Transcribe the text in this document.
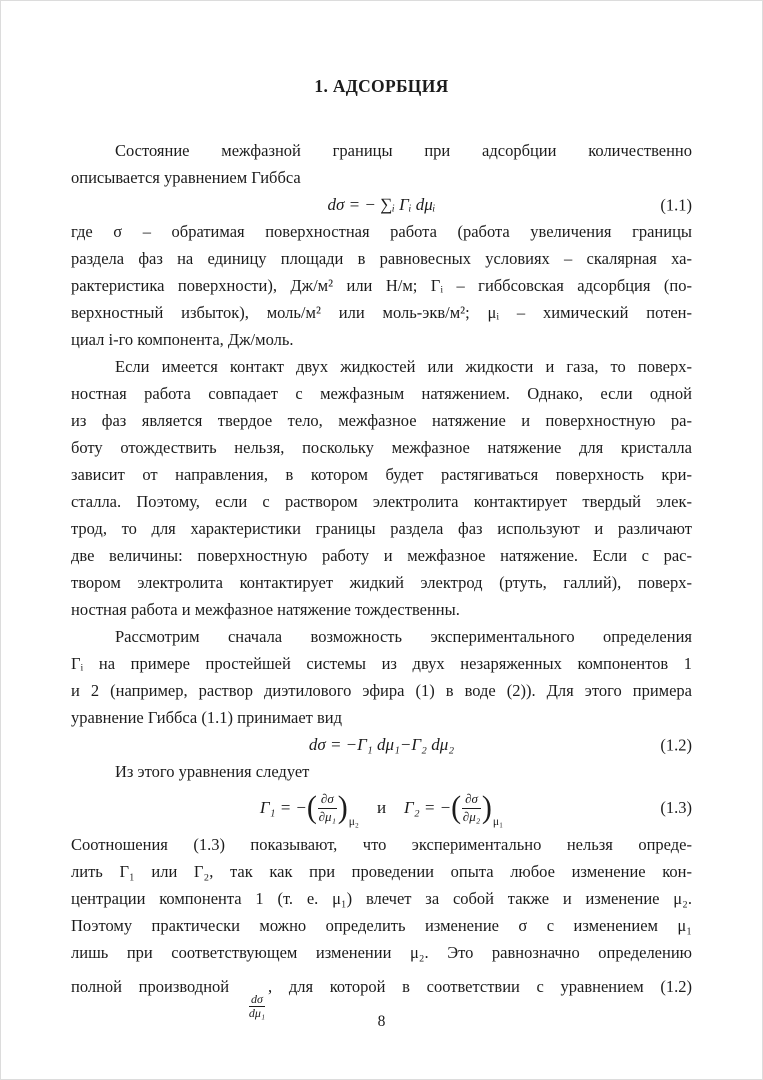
1. АДСОРБЦИЯ
Состояние межфазной границы при адсорбции количественно
описывается уравнением Гиббса
dσ = − ∑ᵢ Γᵢ dμᵢ	(1.1)
где σ – обратимая поверхностная работа (работа увеличения границы
раздела фаз на единицу площади в равновесных условиях – скалярная ха-
рактеристика поверхности), Дж/м² или Н/м; Γᵢ – гиббсовская адсорбция (по-
верхностный избыток), моль/м² или моль-экв/м²; μᵢ – химический потен-
циал i-го компонента, Дж/моль.
Если имеется контакт двух жидкостей или жидкости и газа, то поверх-
ностная работа совпадает с межфазным натяжением. Однако, если одной
из фаз является твердое тело, межфазное натяжение и поверхностную ра-
боту отождествить нельзя, поскольку межфазное натяжение для кристалла
зависит от направления, в котором будет растягиваться поверхность кри-
сталла. Поэтому, если с раствором электролита контактирует твердый элек-
трод, то для характеристики границы раздела фаз используют и различают
две величины: поверхностную работу и межфазное натяжение. Если с рас-
твором электролита контактирует жидкий электрод (ртуть, галлий), поверх-
ностная работа и межфазное натяжение тождественны.
Рассмотрим сначала возможность экспериментального определения
Γᵢ на примере простейшей системы из двух незаряженных компонентов 1
и 2 (например, раствор диэтилового эфира (1) в воде (2)). Для этого примера
уравнение Гиббса (1.1) принимает вид
dσ = −Γ₁ dμ₁−Γ₂ dμ₂	(1.2)
Из этого уравнения следует
Γ₁ = − ( $\frac{\partial\sigma}{\text{∂μ₁}}$ ) μ₂
и Γ₂ = − ( $\frac{\partial\sigma}{\text{∂μ₂}}$ ) μ₁
(1.3)
Соотношения (1.3) показывают, что экспериментально нельзя опреде-
лить Γ₁ или Γ₂, так как при проведении опыта любое изменение кон-
центрации компонента 1 (т. е. μ₁) влечет за собой также и изменение μ₂.
Поэтому практически можно определить изменение σ с изменением μ₁
лишь при соответствующем изменении μ₂. Это равнозначно определению
полной производной
$\frac{d\sigma}{\text{dμ₁}}$
, для которой в соответствии с уравнением (1.2)
8
